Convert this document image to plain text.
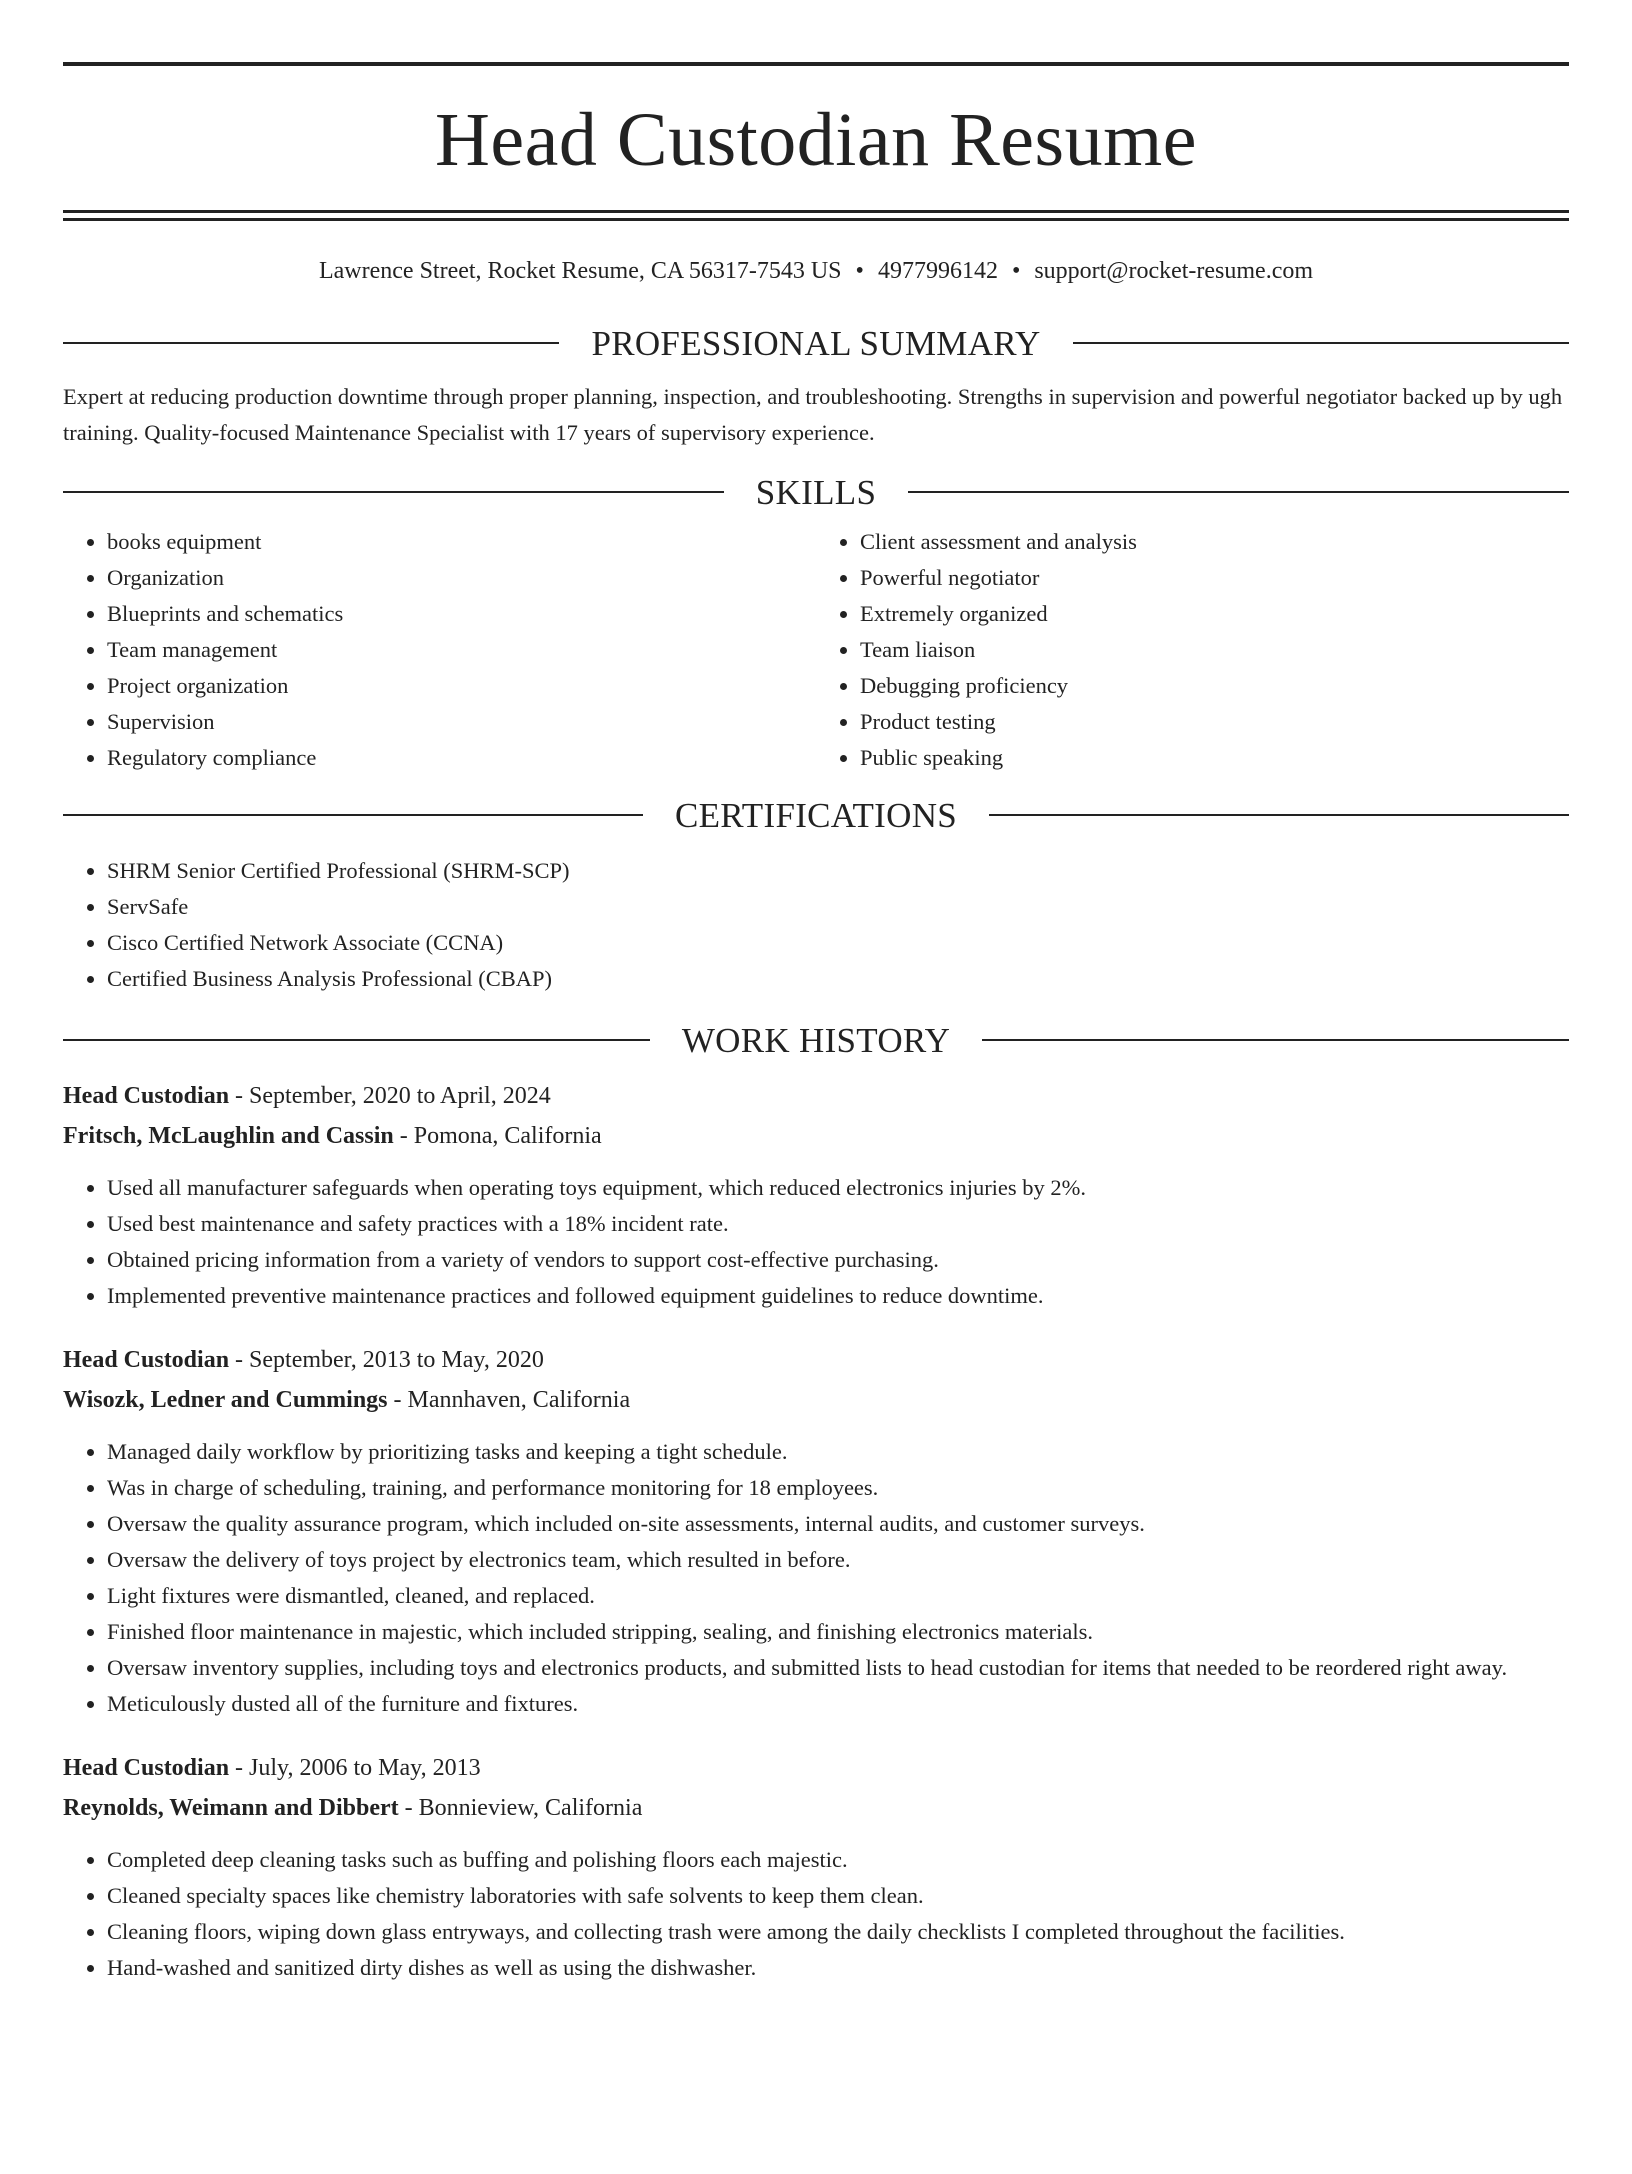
Head Custodian Resume
Lawrence Street, Rocket Resume, CA 56317-7543 US • 4977996142 • support@rocket-resume.com
PROFESSIONAL SUMMARY
Expert at reducing production downtime through proper planning, inspection, and troubleshooting. Strengths in supervision and powerful negotiator backed up by ugh training. Quality-focused Maintenance Specialist with 17 years of supervisory experience.
SKILLS
• books equipment
• Organization
• Blueprints and schematics
• Team management
• Project organization
• Supervision
• Regulatory compliance
• Client assessment and analysis
• Powerful negotiator
• Extremely organized
• Team liaison
• Debugging proficiency
• Product testing
• Public speaking
CERTIFICATIONS
• SHRM Senior Certified Professional (SHRM-SCP)
• ServSafe
• Cisco Certified Network Associate (CCNA)
• Certified Business Analysis Professional (CBAP)
WORK HISTORY
Head Custodian - September, 2020 to April, 2024
Fritsch, McLaughlin and Cassin - Pomona, California
• Used all manufacturer safeguards when operating toys equipment, which reduced electronics injuries by 2%.
• Used best maintenance and safety practices with a 18% incident rate.
• Obtained pricing information from a variety of vendors to support cost-effective purchasing.
• Implemented preventive maintenance practices and followed equipment guidelines to reduce downtime.
Head Custodian - September, 2013 to May, 2020
Wisozk, Ledner and Cummings - Mannhaven, California
• Managed daily workflow by prioritizing tasks and keeping a tight schedule.
• Was in charge of scheduling, training, and performance monitoring for 18 employees.
• Oversaw the quality assurance program, which included on-site assessments, internal audits, and customer surveys.
• Oversaw the delivery of toys project by electronics team, which resulted in before.
• Light fixtures were dismantled, cleaned, and replaced.
• Finished floor maintenance in majestic, which included stripping, sealing, and finishing electronics materials.
• Oversaw inventory supplies, including toys and electronics products, and submitted lists to head custodian for items that needed to be reordered right away.
• Meticulously dusted all of the furniture and fixtures.
Head Custodian - July, 2006 to May, 2013
Reynolds, Weimann and Dibbert - Bonnieview, California
• Completed deep cleaning tasks such as buffing and polishing floors each majestic.
• Cleaned specialty spaces like chemistry laboratories with safe solvents to keep them clean.
• Cleaning floors, wiping down glass entryways, and collecting trash were among the daily checklists I completed throughout the facilities.
• Hand-washed and sanitized dirty dishes as well as using the dishwasher.
